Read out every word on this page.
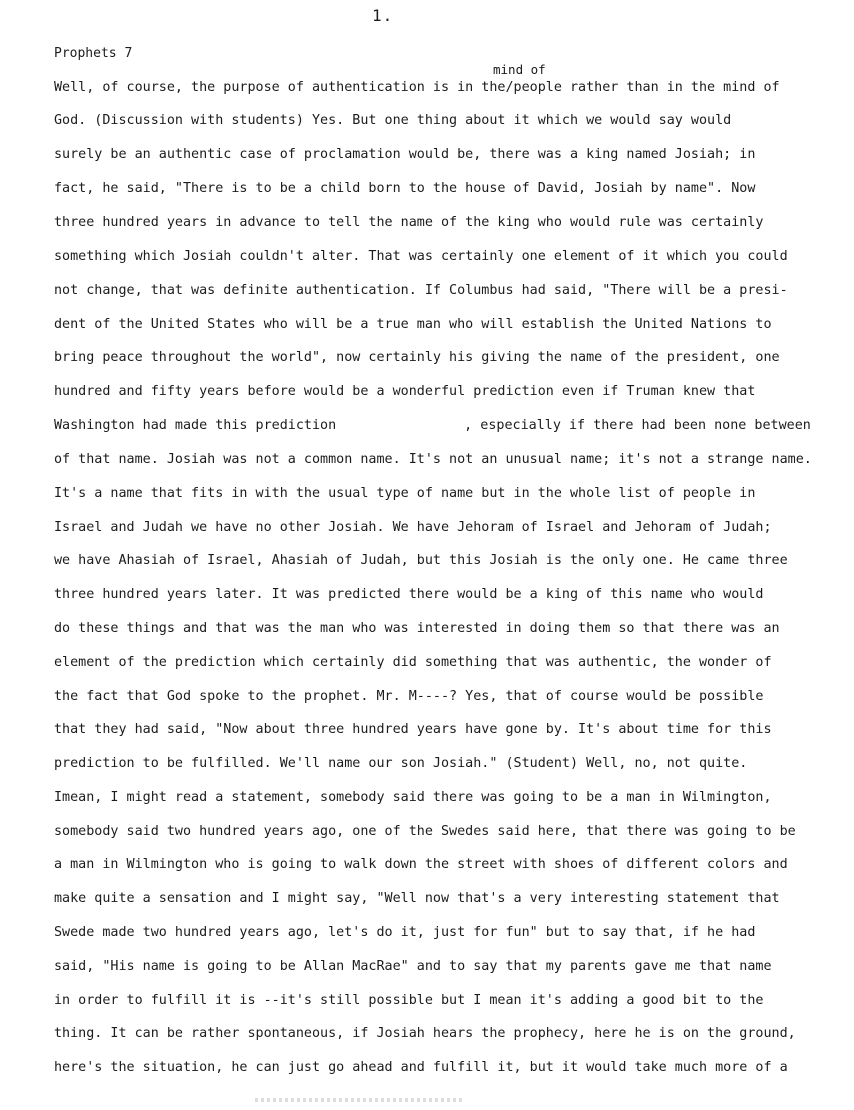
1.
Prophets 7
mind of
Well, of course, the purpose of authentication is in the/people rather than in the mind of
God. (Discussion with students) Yes. But one thing about it which we would say would
surely be an authentic case of proclamation would be, there was a king named Josiah; in
fact, he said, "There is to be a child born to the house of David, Josiah by name". Now
three hundred years in advance to tell the name of the king who would rule was certainly
something which Josiah couldn't alter. That was certainly one element of it which you could
not change, that was definite authentication. If Columbus had said, "There will be a presi-
dent of the United States who will be a true man who will establish the United Nations to
bring peace throughout the world", now certainly his giving the name of the president, one
hundred and fifty years before would be a wonderful prediction even if Truman knew that
Washington had made this prediction	, especially if there had been none between
of that name. Josiah was not a common name. It's not an unusual name; it's not a strange name.
It's a name that fits in with the usual type of name but in the whole list of people in
Israel and Judah we have no other Josiah. We have Jehoram of Israel and Jehoram of Judah;
we have Ahasiah of Israel, Ahasiah of Judah, but this Josiah is the only one. He came three
three hundred years later. It was predicted there would be a king of this name who would
do these things and that was the man who was interested in doing them so that there was an
element of the prediction which certainly did something that was authentic, the wonder of
the fact that God spoke to the prophet. Mr. M----? Yes, that of course would be possible
that they had said, "Now about three hundred years have gone by. It's about time for this
prediction to be fulfilled. We'll name our son Josiah." (Student) Well, no, not quite.
Imean, I might read a statement, somebody said there was going to be a man in Wilmington,
somebody said two hundred years ago, one of the Swedes said here, that there was going to be
a man in Wilmington who is going to walk down the street with shoes of different colors and
make quite a sensation and I might say, "Well now that's a very interesting statement that
Swede made two hundred years ago, let's do it, just for fun" but to say that, if he had
said, "His name is going to be Allan MacRae" and to say that my parents gave me that name
in order to fulfill it is --it's still possible but I mean it's adding a good bit to the
thing. It can be rather spontaneous, if Josiah hears the prophecy, here he is on the ground,
here's the situation, he can just go ahead and fulfill it, but it would take much more of a
